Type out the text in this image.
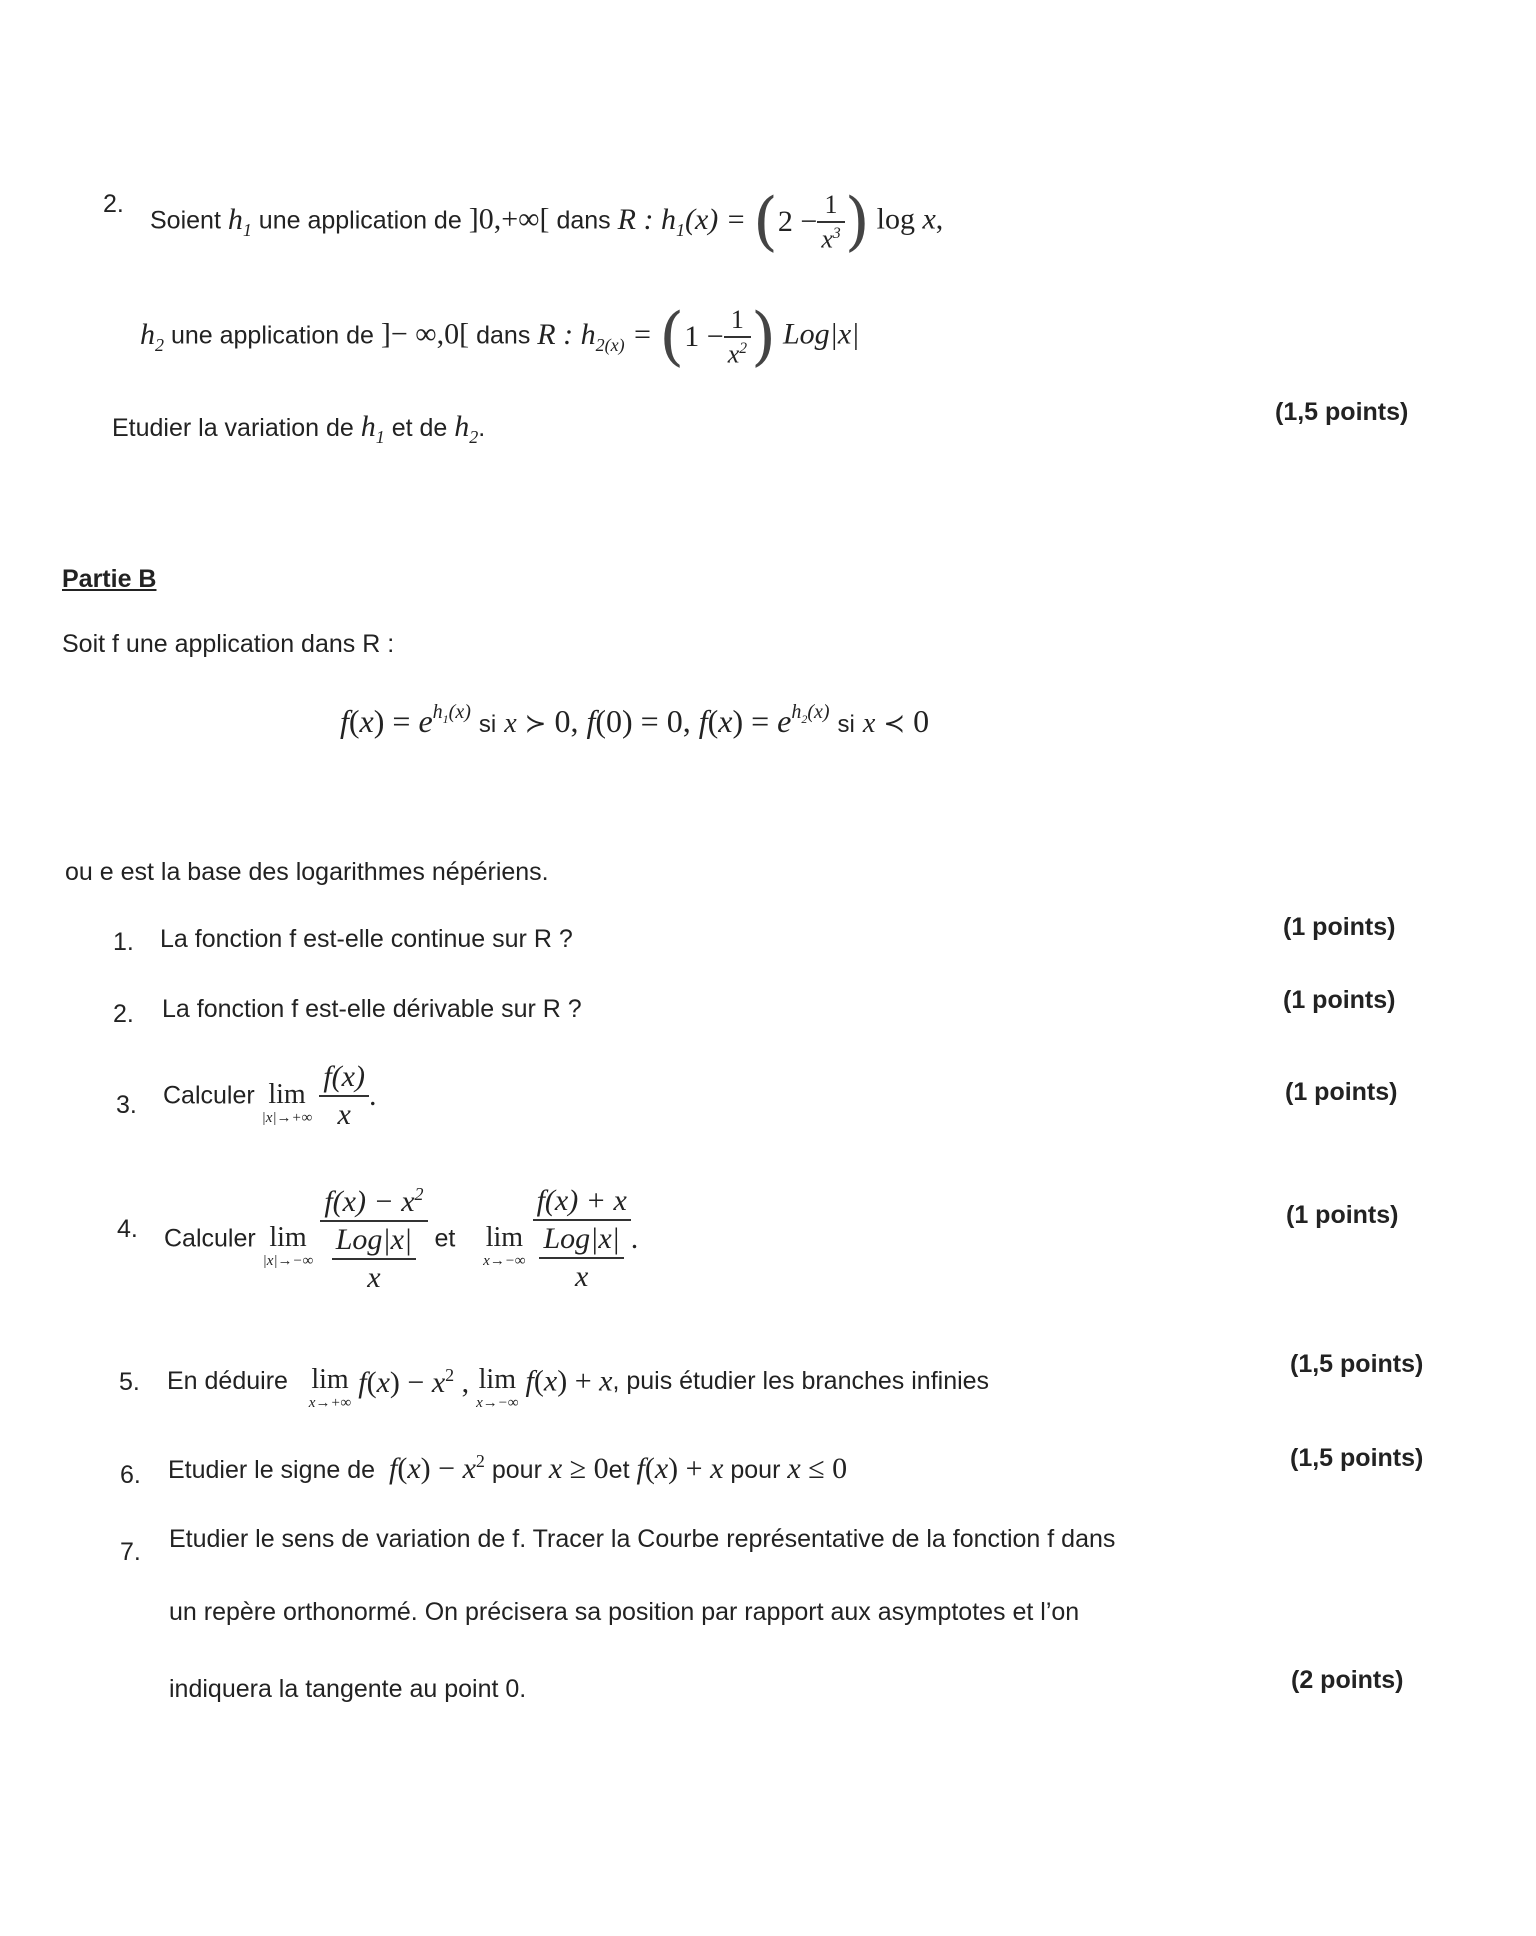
2.
Soient $h_1$ une application de ]0,+∞[ dans R : $h_1(x) = (2 - \frac{1}{x^3}$ ) log x,
$h_2$ une application de ]− ∞,0[ dans R : $h_{2(x)} = (1 - \frac{1}{x^2}$ ) Log|x|
Etudier la variation de $h_1$ et de $h_2$.
(1,5 points)
Partie B
Soit f une application dans R :
$f(x) = e^{h_1(x)}$ si x ≻ 0, f(0) = 0, $f(x) = e^{h_2(x)}$ si x ≺ 0
ou e est la base des logarithmes népériens.
1. La fonction f est-elle continue sur R ?	(1 points)
2. La fonction f est-elle dérivable sur R ?	(1 points)
3. Calculer lim
|x|→+∞
$\frac{f(x)}{x}$ .	(1 points)
4. Calculer lim
|x|→−∞
$\frac{f(x) - x^2}{\frac{\text{Log|x|}}{x}}$ et lim
x→−∞
$\frac{f(x) + x}{\frac{\text{Log|x|}}{x}}$ .
(1 points)
5. En déduire lim
x→+∞
$f(x) - x^2$ , lim
x→−∞
f(x) + x, puis étudier les branches infinies
(1,5 points)
6. Etudier le signe de $f(x) - x^2$ pour x ≥ 0et f(x) + x pour x ≤ 0	(1,5 points)
7. Etudier le sens de variation de f. Tracer la Courbe représentative de la fonction f dans
un repère orthonormé. On précisera sa position par rapport aux asymptotes et l’on
indiquera la tangente au point 0.	(2 points)
